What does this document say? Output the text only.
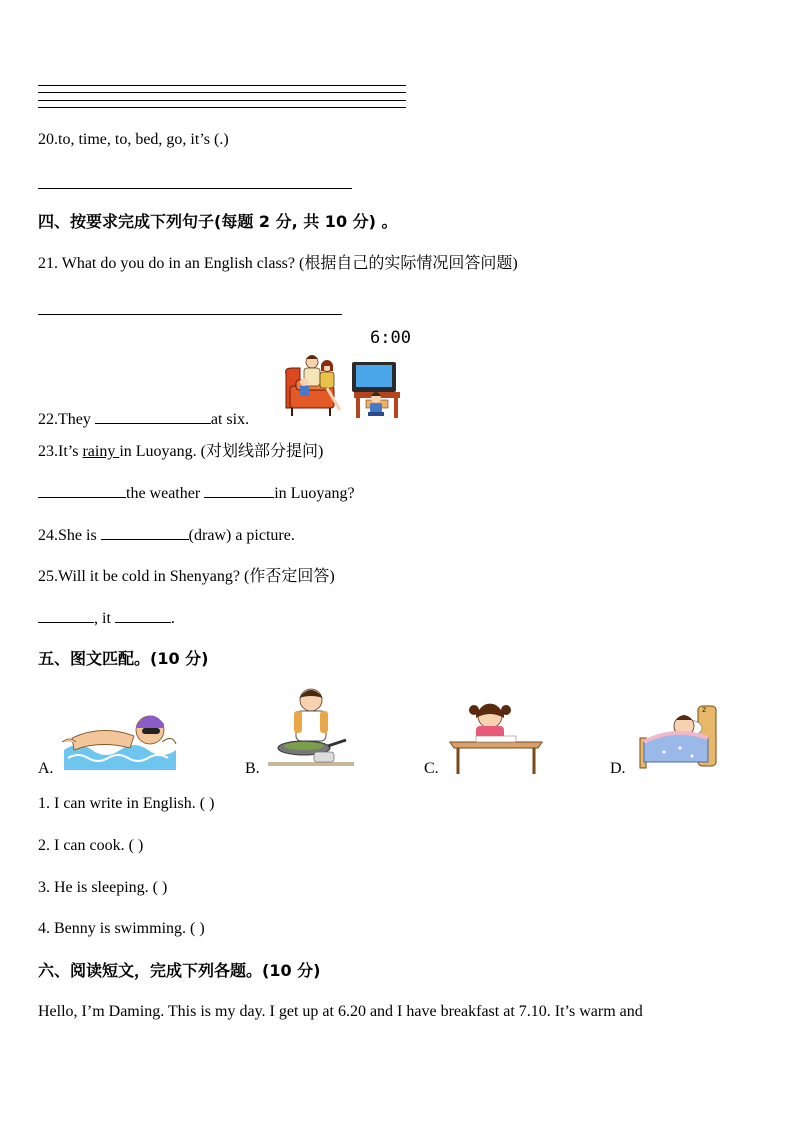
20.to, time, to, bed, go, it’s (.)
四、按要求完成下列句子(每题 2 分, 共 10 分) 。
21. What do you do in an English class? (根据自己的实际情况回答问题)
6:00
22.They	at six.
23.It’s rainy in Luoyang. (对划线部分提问)
the weather	in Luoyang?
24.She is	(draw) a picture.
25.Will it be cold in Shenyang? (作否定回答)
, it	.
五、图文匹配。(10 分)
A.	B.	C.	D.
z
1. I can write in English. ( )
2. I can cook. ( )
3. He is sleeping. ( )
4. Benny is swimming. ( )
六、阅读短文，完成下列各题。(10 分)
Hello, I’m Daming. This is my day. I get up at 6.20 and I have breakfast at 7.10. It’s warm and
